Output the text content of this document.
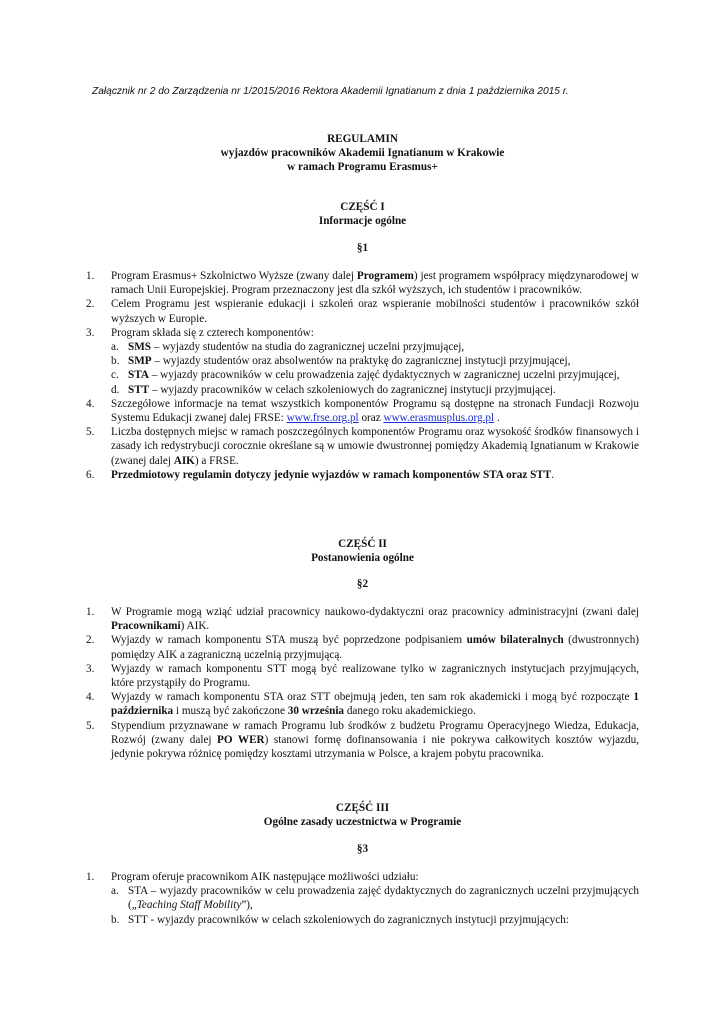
Załącznik nr 2 do Zarządzenia nr 1/2015/2016 Rektora Akademii Ignatianum z dnia 1 października 2015 r.
REGULAMIN
wyjazdów pracowników Akademii Ignatianum w Krakowie
w ramach Programu Erasmus+
CZĘŚĆ I
Informacje ogólne
§1
1. Program Erasmus+ Szkolnictwo Wyższe (zwany dalej Programem) jest programem współpracy międzynarodowej w ramach Unii Europejskiej. Program przeznaczony jest dla szkół wyższych, ich studentów i pracowników.
2. Celem Programu jest wspieranie edukacji i szkoleń oraz wspieranie mobilności studentów i pracowników szkół wyższych w Europie.
3. Program składa się z czterech komponentów:
a. SMS – wyjazdy studentów na studia do zagranicznej uczelni przyjmującej,
b. SMP – wyjazdy studentów oraz absolwentów na praktykę do zagranicznej instytucji przyjmującej,
c. STA – wyjazdy pracowników w celu prowadzenia zajęć dydaktycznych w zagranicznej uczelni przyjmującej,
d. STT – wyjazdy pracowników w celach szkoleniowych do zagranicznej instytucji przyjmującej.
4. Szczegółowe informacje na temat wszystkich komponentów Programu są dostępne na stronach Fundacji Rozwoju Systemu Edukacji zwanej dalej FRSE: www.frse.org.pl oraz www.erasmusplus.org.pl .
5. Liczba dostępnych miejsc w ramach poszczególnych komponentów Programu oraz wysokość środków finansowych i zasady ich redystrybucji corocznie określane są w umowie dwustronnej pomiędzy Akademią Ignatianum w Krakowie (zwanej dalej AIK) a FRSE.
6. Przedmiotowy regulamin dotyczy jedynie wyjazdów w ramach komponentów STA oraz STT.
CZĘŚĆ II
Postanowienia ogólne
§2
1. W Programie mogą wziąć udział pracownicy naukowo-dydaktyczni oraz pracownicy administracyjni (zwani dalej Pracownikami) AIK.
2. Wyjazdy w ramach komponentu STA muszą być poprzedzone podpisaniem umów bilateralnych (dwustronnych) pomiędzy AIK a zagraniczną uczelnią przyjmującą.
3. Wyjazdy w ramach komponentu STT mogą być realizowane tylko w zagranicznych instytucjach przyjmujących, które przystąpiły do Programu.
4. Wyjazdy w ramach komponentu STA oraz STT obejmują jeden, ten sam rok akademicki i mogą być rozpocząte 1 października i muszą być zakończone 30 września danego roku akademickiego.
5. Stypendium przyznawane w ramach Programu lub środków z budżetu Programu Operacyjnego Wiedza, Edukacja, Rozwój (zwany dalej PO WER) stanowi formę dofinansowania i nie pokrywa całkowitych kosztów wyjazdu, jedynie pokrywa różnicę pomiędzy kosztami utrzymania w Polsce, a krajem pobytu pracownika.
CZĘŚĆ III
Ogólne zasady uczestnictwa w Programie
§3
1. Program oferuje pracownikom AIK następujące możliwości udziału:
a. STA – wyjazdy pracowników w celu prowadzenia zajęć dydaktycznych do zagranicznych uczelni przyjmujących („Teaching Staff Mobility”),
b. STT - wyjazdy pracowników w celach szkoleniowych do zagranicznych instytucji przyjmujących:
